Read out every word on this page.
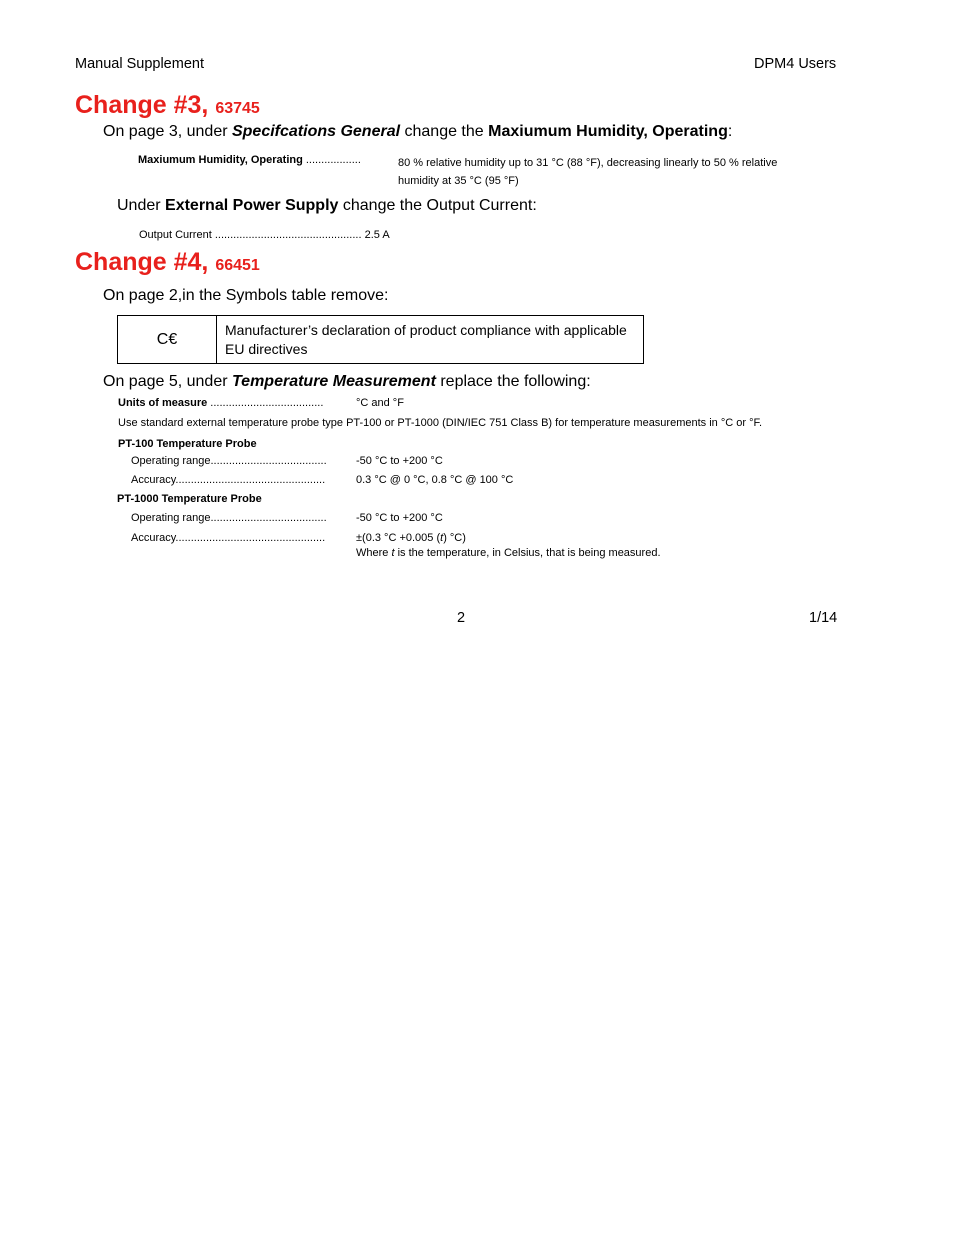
Manual Supplement	DPM4 Users
Change #3, 63745
On page 3, under Specifcations General change the Maxiumum Humidity, Operating:
Maxiumum Humidity, Operating ..................	80 % relative humidity up to 31 °C (88 °F), decreasing linearly to 50 % relative
humidity at 35 °C (95 °F)
Under External Power Supply change the Output Current:
Output Current ................................................ 2.5 A
Change #4, 66451
On page 2,in the Symbols table remove:
C€	Manufacturer’s declaration of product compliance with applicable EU directives
On page 5, under Temperature Measurement replace the following:
Units of measure .....................................	°C and °F
Use standard external temperature probe type PT-100 or PT-1000 (DIN/IEC 751 Class B) for temperature measurements in °C or °F.
PT-100 Temperature Probe
Operating range......................................	-50 °C to +200 °C
Accuracy.................................................	0.3 °C @ 0 °C, 0.8 °C @ 100 °C
PT-1000 Temperature Probe
Operating range......................................	-50 °C to +200 °C
Accuracy.................................................	±(0.3 °C +0.005 (t) °C)
Where t is the temperature, in Celsius, that is being measured.
2	1/14
